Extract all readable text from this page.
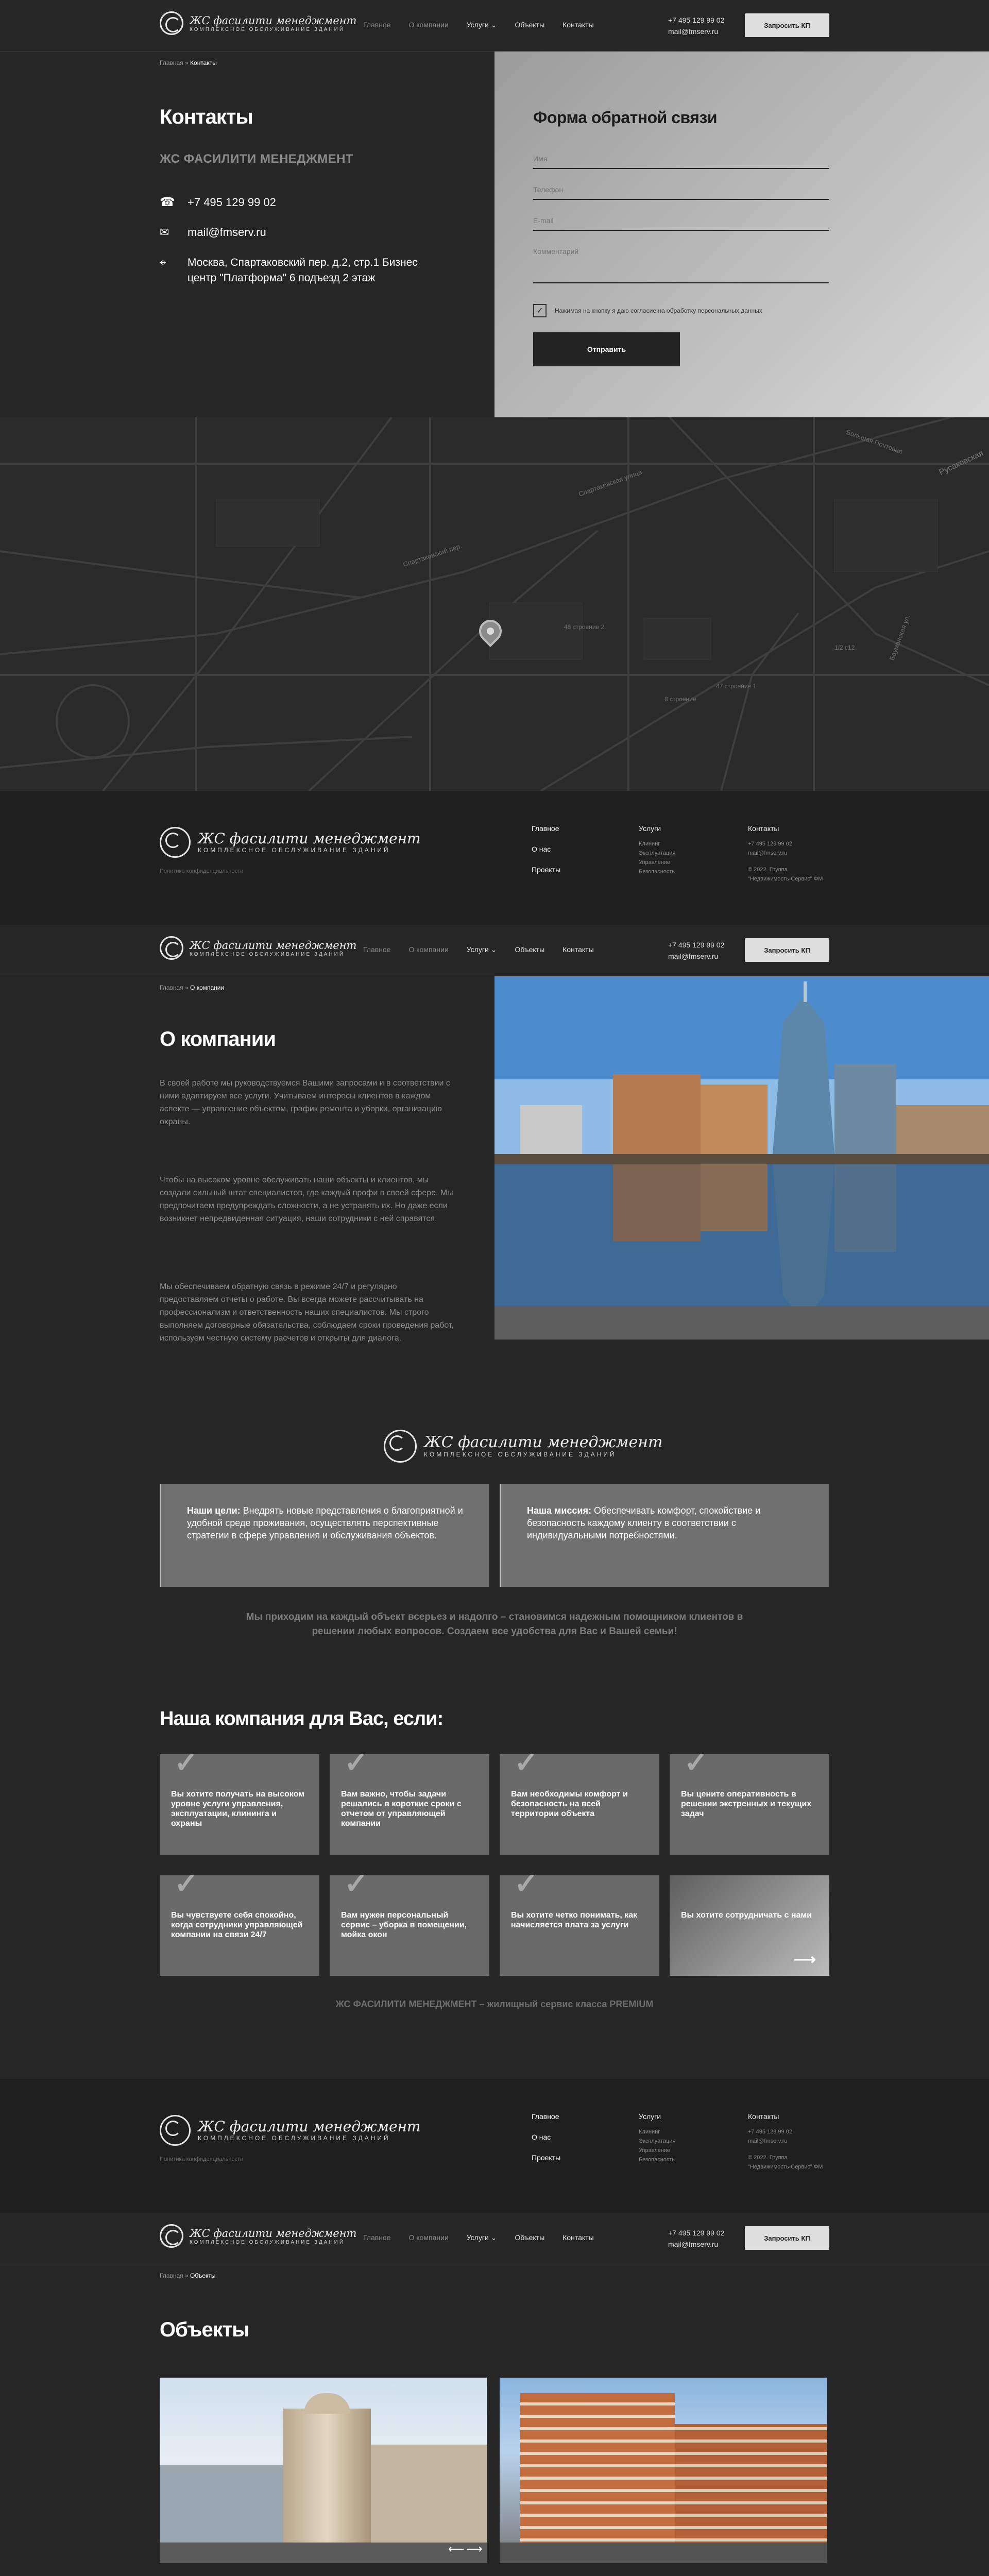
ЖС фасилити менеджмент
КОМПЛЕКСНОЕ ОБСЛУЖИВАНИЕ ЗДАНИЙ
Главное	О компании	Услуги ⌄	Объекты	Контакты
+7 495 129 99 02
mail@fmserv.ru
Запросить КП
Главная » Контакты
Контакты
ЖС ФАСИЛИТИ МЕНЕДЖМЕНТ
☎ +7 495 129 99 02
✉ mail@fmserv.ru
⌖	Москва, Спартаковский пер. д.2, стр.1 Бизнес центр "Платформа" 6 подъезд 2 этаж
Форма обратной связи
Имя
Телефон
E-mail
Комментарий
✓	Нажимая на кнопку я даю согласие на обработку персональных данных
Отправить
Спартаковская улица
Спартаковский пер.
Бауманская ул.
Большая Почтовая
Русаковская
48 строение 2
47 строение 1
8 строение
1/2 с12
ЖС фасилити менеджмент
КОМПЛЕКСНОЕ ОБСЛУЖИВАНИЕ ЗДАНИЙ
Политика конфиденциальности
Главное
О нас
Проекты
Услуги
Клининг
Эксплуатация
Управление
Безопасность
Контакты
+7 495 129 99 02
mail@fmserv.ru
© 2022. Группа "Недвижимость-Сервис" ФМ
ЖС фасилити менеджмент
КОМПЛЕКСНОЕ ОБСЛУЖИВАНИЕ ЗДАНИЙ
Главное	О компании	Услуги ⌄	Объекты	Контакты
+7 495 129 99 02
mail@fmserv.ru
Запросить КП
Главная » О компании
О компании

В своей работе мы руководствуемся Вашими запросами и в соответствии с ними адаптируем все услуги. Учитываем интересы клиентов в каждом аспекте — управление объектом, график ремонта и уборки, организацию охраны.

Чтобы на высоком уровне обслуживать наши объекты и клиентов, мы создали сильный штат специалистов, где каждый профи в своей сфере. Мы предпочитаем предупреждать сложности, а не устранять их. Но даже если возникнет непредвиденная ситуация, наши сотрудники с ней справятся.

Мы обеспечиваем обратную связь в режиме 24/7 и регулярно предоставляем отчеты о работе. Вы всегда можете рассчитывать на профессионализм и ответственность наших специалистов. Мы строго выполняем договорные обязательства, соблюдаем сроки проведения работ, используем честную систему расчетов и открыты для диалога.

ЖС фасилити менеджмент
КОМПЛЕКСНОЕ ОБСЛУЖИВАНИЕ ЗДАНИЙ
Наши цели: Внедрять новые представления о благоприятной и удобной среде проживания, осуществлять перспективные стратегии в сфере управления и обслуживания объектов.
Наша миссия: Обеспечивать комфорт, спокойствие и безопасность каждому клиенту в соответствии с индивидуальными потребностями.
Мы приходим на каждый объект всерьез и надолго – становимся надежным помощником клиентов в решении любых вопросов. Создаем все удобства для Вас и Вашей семьи!
Наша компания для Вас, если:
✓
Вы хотите получать на высоком уровне услуги управления, эксплуатации, клининга и охраны
✓
Вам важно, чтобы задачи решались в короткие сроки с отчетом от управляющей компании
✓
Вам необходимы комфорт и безопасность на всей территории объекта
✓
Вы цените оперативность в решении экстренных и текущих задач
✓
Вы чувствуете себя спокойно, когда сотрудники управляющей компании на связи 24/7
✓
Вам нужен персональный сервис – уборка в помещении, мойка окон
✓
Вы хотите четко понимать, как начисляется плата за услуги
Вы хотите сотрудничать с нами
⟶
ЖС ФАСИЛИТИ МЕНЕДЖМЕНТ – жилищный сервис класса PREMIUM
ЖС фасилити менеджмент
КОМПЛЕКСНОЕ ОБСЛУЖИВАНИЕ ЗДАНИЙ
Политика конфиденциальности
Главное
О нас
Проекты
Услуги
Клининг
Эксплуатация
Управление
Безопасность
Контакты
+7 495 129 99 02
mail@fmserv.ru
© 2022. Группа "Недвижимость-Сервис" ФМ
ЖС фасилити менеджмент
КОМПЛЕКСНОЕ ОБСЛУЖИВАНИЕ ЗДАНИЙ
Главное	О компании	Услуги ⌄	Объекты	Контакты
+7 495 129 99 02
mail@fmserv.ru
Запросить КП
Главная » Объекты
Объекты
⟵ ⟶
